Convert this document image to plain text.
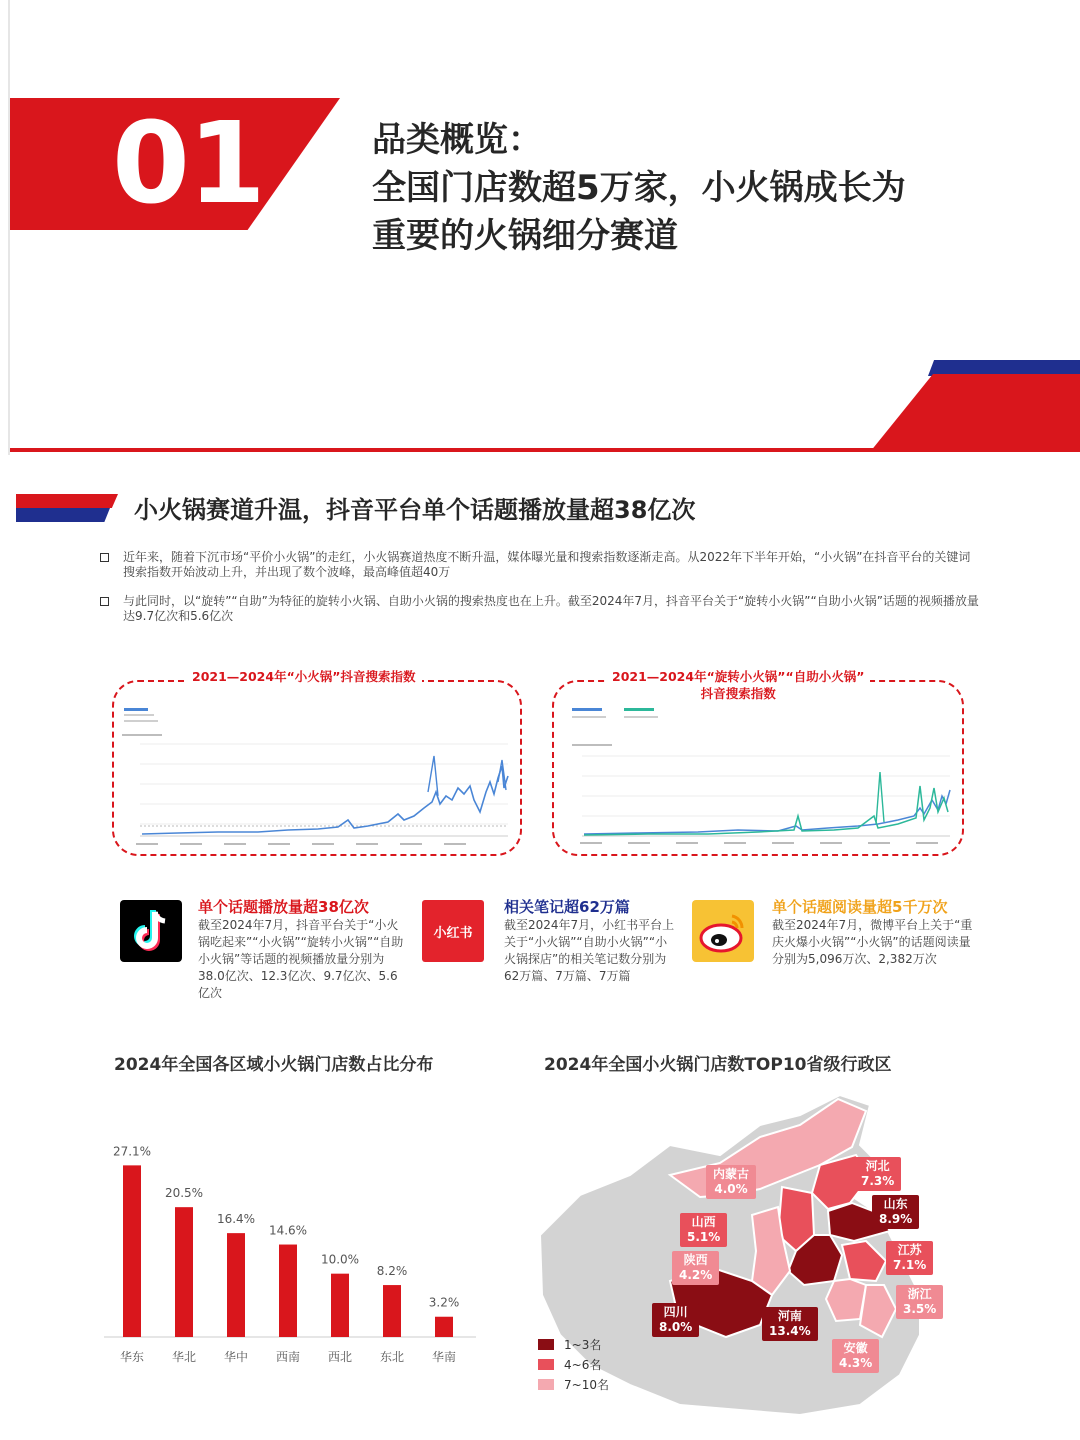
01	品类概览：
全国门店数超5万家，小火锅成长为
重要的火锅细分赛道
小火锅赛道升温，抖音平台单个话题播放量超38亿次
近年来，随着下沉市场“平价小火锅”的走红，小火锅赛道热度不断升温，媒体曝光量和搜索指数逐渐走高。从2022年下半年开始，“小火锅”在抖音平台的关键词搜索指数开始波动上升，并出现了数个波峰，最高峰值超40万
与此同时，以“旋转”“自助”为特征的旋转小火锅、自助小火锅的搜索热度也在上升。截至2024年7月，抖音平台关于“旋转小火锅”“自助小火锅”话题的视频播放量达9.7亿次和5.6亿次
2021—2024年“小火锅”抖音搜索指数	2021—2024年“旋转小火锅”“自助小火锅”
抖音搜索指数
单个话题播放量超38亿次
截至2024年7月，抖音平台关于“小火锅吃起来”“小火锅”“旋转小火锅”“自助小火锅”等话题的视频播放量分别为38.0亿次、12.3亿次、9.7亿次、5.6亿次
小红书
相关笔记超62万篇
截至2024年7月，小红书平台上关于“小火锅”“自助小火锅”“小火锅探店”的相关笔记数分别为62万篇、7万篇、7万篇
单个话题阅读量超5千万次
截至2024年7月，微博平台上关于“重庆火爆小火锅”“小火锅”的话题阅读量分别为5,096万次、2,382万次
2024年全国各区域小火锅门店数占比分布
27.1%
华东
20.5%
华北
16.4%
华中
14.6%
西南
10.0%
西北
8.2%
东北
3.2%
华南
2024年全国小火锅门店数TOP10省级行政区
内蒙古
4.0%
河北
7.3%
山东
8.9%
山西
5.1%
陕西
4.2%
江苏
7.1%
浙江
3.5%
四川
8.0%
河南
13.4%
安徽
4.3%
1~3名
4~6名
7~10名
